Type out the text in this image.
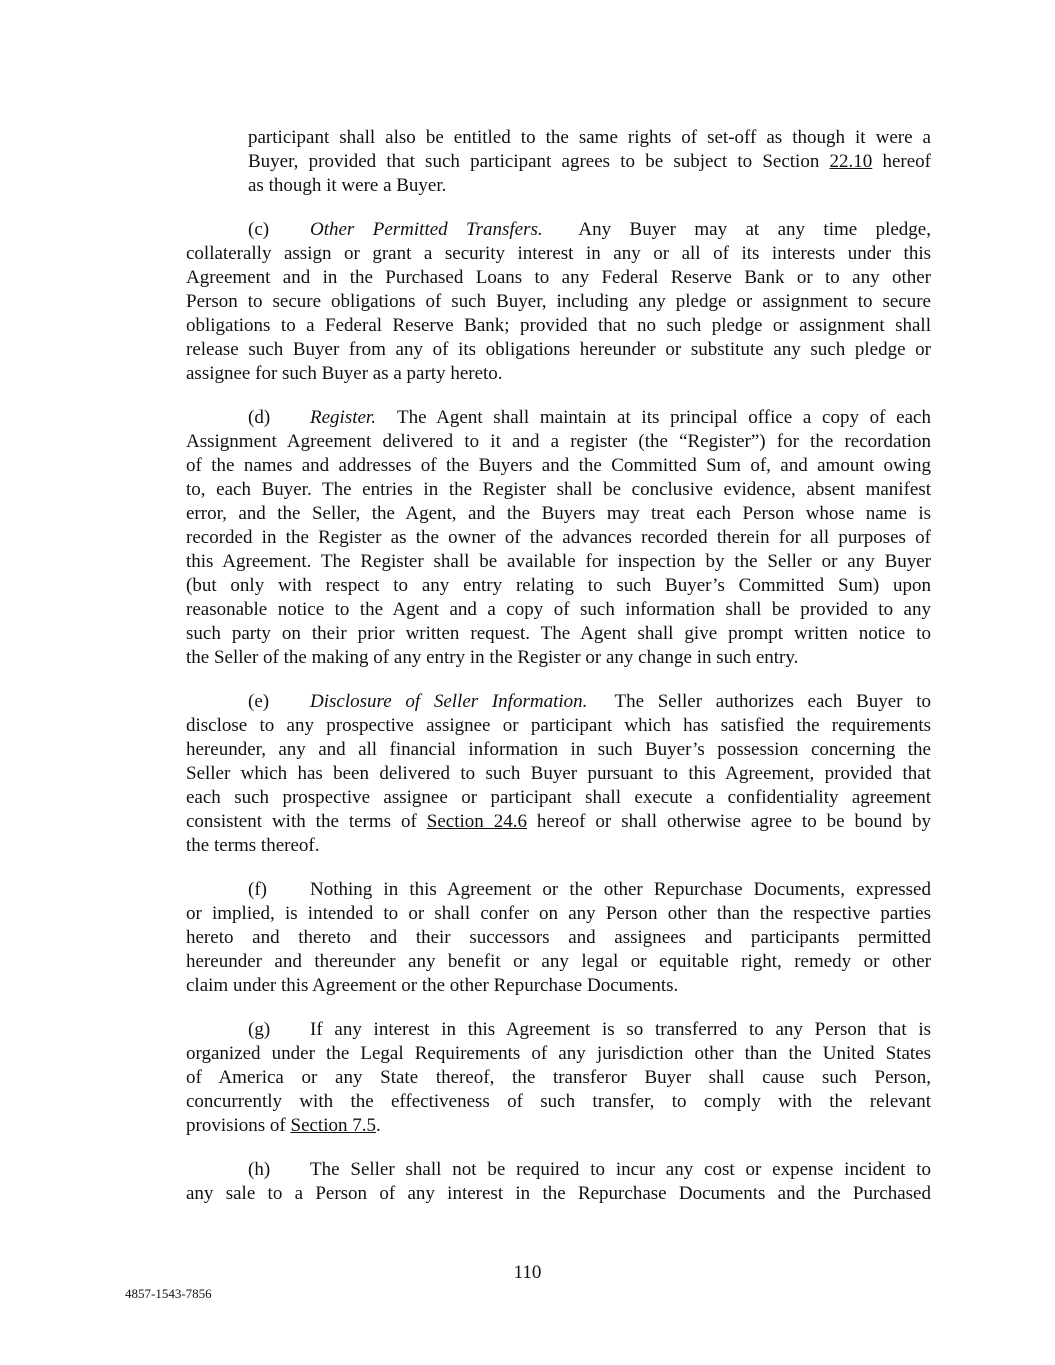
participant shall also be entitled to the same rights of set-off as though it were a
Buyer, provided that such participant agrees to be subject to Section 22.10 hereof
as though it were a Buyer.
(c)	Other Permitted Transfers. Any Buyer may at any time pledge,
collaterally assign or grant a security interest in any or all of its interests under this
Agreement and in the Purchased Loans to any Federal Reserve Bank or to any other
Person to secure obligations of such Buyer, including any pledge or assignment to secure
obligations to a Federal Reserve Bank; provided that no such pledge or assignment shall
release such Buyer from any of its obligations hereunder or substitute any such pledge or
assignee for such Buyer as a party hereto.
(d)	Register. The Agent shall maintain at its principal office a copy of each
Assignment Agreement delivered to it and a register (the “Register”) for the recordation
of the names and addresses of the Buyers and the Committed Sum of, and amount owing
to, each Buyer. The entries in the Register shall be conclusive evidence, absent manifest
error, and the Seller, the Agent, and the Buyers may treat each Person whose name is
recorded in the Register as the owner of the advances recorded therein for all purposes of
this Agreement. The Register shall be available for inspection by the Seller or any Buyer
(but only with respect to any entry relating to such Buyer’s Committed Sum) upon
reasonable notice to the Agent and a copy of such information shall be provided to any
such party on their prior written request. The Agent shall give prompt written notice to
the Seller of the making of any entry in the Register or any change in such entry.
(e)	Disclosure of Seller Information. The Seller authorizes each Buyer to
disclose to any prospective assignee or participant which has satisfied the requirements
hereunder, any and all financial information in such Buyer’s possession concerning the
Seller which has been delivered to such Buyer pursuant to this Agreement, provided that
each such prospective assignee or participant shall execute a confidentiality agreement
consistent with the terms of Section 24.6 hereof or shall otherwise agree to be bound by
the terms thereof.
(f)	Nothing in this Agreement or the other Repurchase Documents, expressed
or implied, is intended to or shall confer on any Person other than the respective parties
hereto and thereto and their successors and assignees and participants permitted
hereunder and thereunder any benefit or any legal or equitable right, remedy or other
claim under this Agreement or the other Repurchase Documents.
(g)	If any interest in this Agreement is so transferred to any Person that is
organized under the Legal Requirements of any jurisdiction other than the United States
of America or any State thereof, the transferor Buyer shall cause such Person,
concurrently with the effectiveness of such transfer, to comply with the relevant
provisions of Section 7.5.
(h)	The Seller shall not be required to incur any cost or expense incident to
any sale to a Person of any interest in the Repurchase Documents and the Purchased
110
4857-1543-7856
